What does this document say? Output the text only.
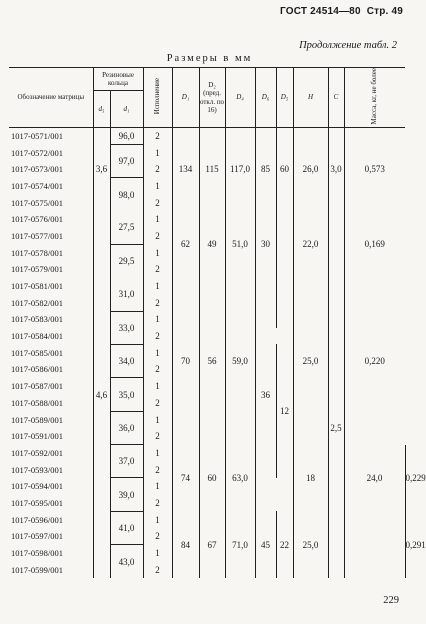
ГОСТ 24514—80 Стр. 49
Продолжение табл. 2
Размеры в мм
Обозначение матрицы	Резиновые кольца		Исполнение	D₁	D₂ (пред. откл. по 16)	D₄	D₆	D₅	H	C	Масса, кг, не более	
	d₅	d₁										
1017-0571/001	3,6	96,0	2	134	115	117,0	85	60	26,0	3,0	0,573	
1017-0572/001		97,0	1									
1017-0573/001			2									
1017-0574/001		98,0	1									
1017-0575/001			2									
1017-0576/001	4,6	27,5	1	62	49	51,0	30		22,0		0,169	
1017-0577/001			2									
1017-0578/001		29,5	1									
1017-0579/001			2									
1017-0581/001		31,0	1	70	56	59,0	36		25,0	2,5	0,220	
1017-0582/001			2									
1017-0583/001		33,0	1									
1017-0584/001			2									
1017-0585/001		34,0	1					12				
1017-0586/001			2									
1017-0587/001		35,0	1									
1017-0588/001			2									
1017-0589/001		36,0	1									
1017-0591/001			2									
1017-0592/001		37,0	1	74	60	63,0			18		24,0	0,229
1017-0593/001			2									
1017-0594/001		39,0	1									
1017-0595/001			2									
1017-0596/001		41,0	1	84	67	71,0	45	22	25,0			0,291
1017-0597/001			2									
1017-0598/001		43,0	1									
1017-0599/001			2									
229
